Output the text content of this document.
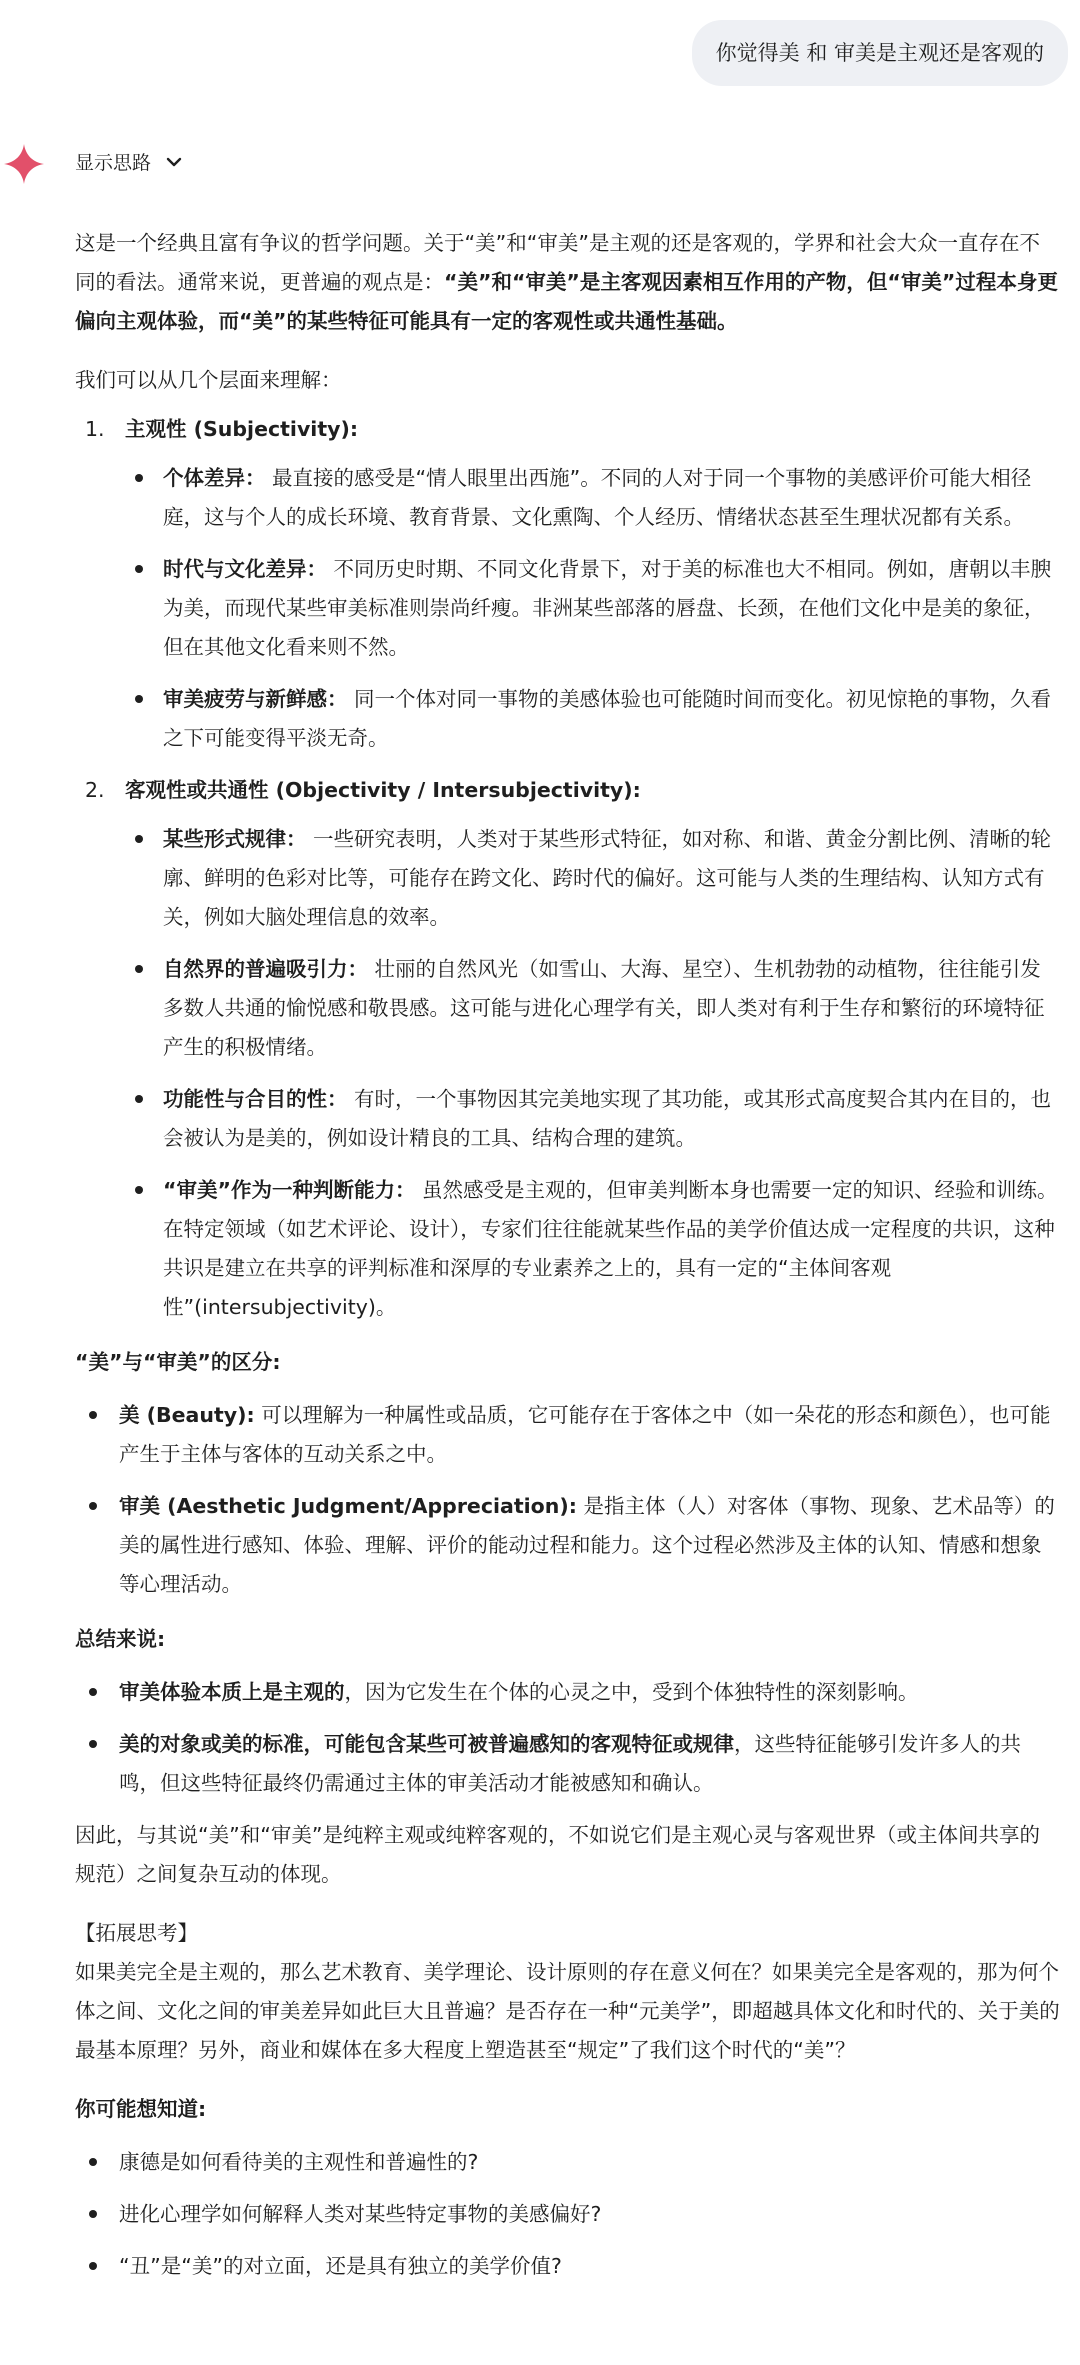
你觉得美 和 审美是主观还是客观的
显示思路

这是一个经典且富有争议的哲学问题。关于“美”和“审美”是主观的还是客观的，学界和社会大众一直存在不同的看法。通常来说，更普遍的观点是：“美”和“审美”是主客观因素相互作用的产物，但“审美”过程本身更偏向主观体验，而“美”的某些特征可能具有一定的客观性或共通性基础。

我们可以从几个层面来理解：

1. 主观性 (Subjectivity):
个体差异： 最直接的感受是“情人眼里出西施”。不同的人对于同一个事物的美感评价可能大相径庭，这与个人的成长环境、教育背景、文化熏陶、个人经历、情绪状态甚至生理状况都有关系。
时代与文化差异： 不同历史时期、不同文化背景下，对于美的标准也大不相同。例如，唐朝以丰腴为美，而现代某些审美标准则崇尚纤瘦。非洲某些部落的唇盘、长颈，在他们文化中是美的象征，但在其他文化看来则不然。
审美疲劳与新鲜感： 同一个体对同一事物的美感体验也可能随时间而变化。初见惊艳的事物，久看之下可能变得平淡无奇。
2. 客观性或共通性 (Objectivity / Intersubjectivity):
某些形式规律： 一些研究表明，人类对于某些形式特征，如对称、和谐、黄金分割比例、清晰的轮廓、鲜明的色彩对比等，可能存在跨文化、跨时代的偏好。这可能与人类的生理结构、认知方式有关，例如大脑处理信息的效率。
自然界的普遍吸引力： 壮丽的自然风光（如雪山、大海、星空）、生机勃勃的动植物，往往能引发多数人共通的愉悦感和敬畏感。这可能与进化心理学有关，即人类对有利于生存和繁衍的环境特征产生的积极情绪。
功能性与合目的性： 有时，一个事物因其完美地实现了其功能，或其形式高度契合其内在目的，也会被认为是美的，例如设计精良的工具、结构合理的建筑。
“审美”作为一种判断能力： 虽然感受是主观的，但审美判断本身也需要一定的知识、经验和训练。在特定领域（如艺术评论、设计），专家们往往能就某些作品的美学价值达成一定程度的共识，这种共识是建立在共享的评判标准和深厚的专业素养之上的，具有一定的“主体间客观性”(intersubjectivity)。

“美”与“审美”的区分:

美 (Beauty): 可以理解为一种属性或品质，它可能存在于客体之中（如一朵花的形态和颜色），也可能产生于主体与客体的互动关系之中。
审美 (Aesthetic Judgment/Appreciation): 是指主体（人）对客体（事物、现象、艺术品等）的美的属性进行感知、体验、理解、评价的能动过程和能力。这个过程必然涉及主体的认知、情感和想象等心理活动。

总结来说:

审美体验本质上是主观的，因为它发生在个体的心灵之中，受到个体独特性的深刻影响。
美的对象或美的标准，可能包含某些可被普遍感知的客观特征或规律，这些特征能够引发许多人的共鸣，但这些特征最终仍需通过主体的审美活动才能被感知和确认。

因此，与其说“美”和“审美”是纯粹主观或纯粹客观的，不如说它们是主观心灵与客观世界（或主体间共享的规范）之间复杂互动的体现。

【拓展思考】

如果美完全是主观的，那么艺术教育、美学理论、设计原则的存在意义何在？如果美完全是客观的，那为何个体之间、文化之间的审美差异如此巨大且普遍？是否存在一种“元美学”，即超越具体文化和时代的、关于美的最基本原理？另外，商业和媒体在多大程度上塑造甚至“规定”了我们这个时代的“美”？

你可能想知道:

康德是如何看待美的主观性和普遍性的?
进化心理学如何解释人类对某些特定事物的美感偏好?
“丑”是“美”的对立面，还是具有独立的美学价值?
